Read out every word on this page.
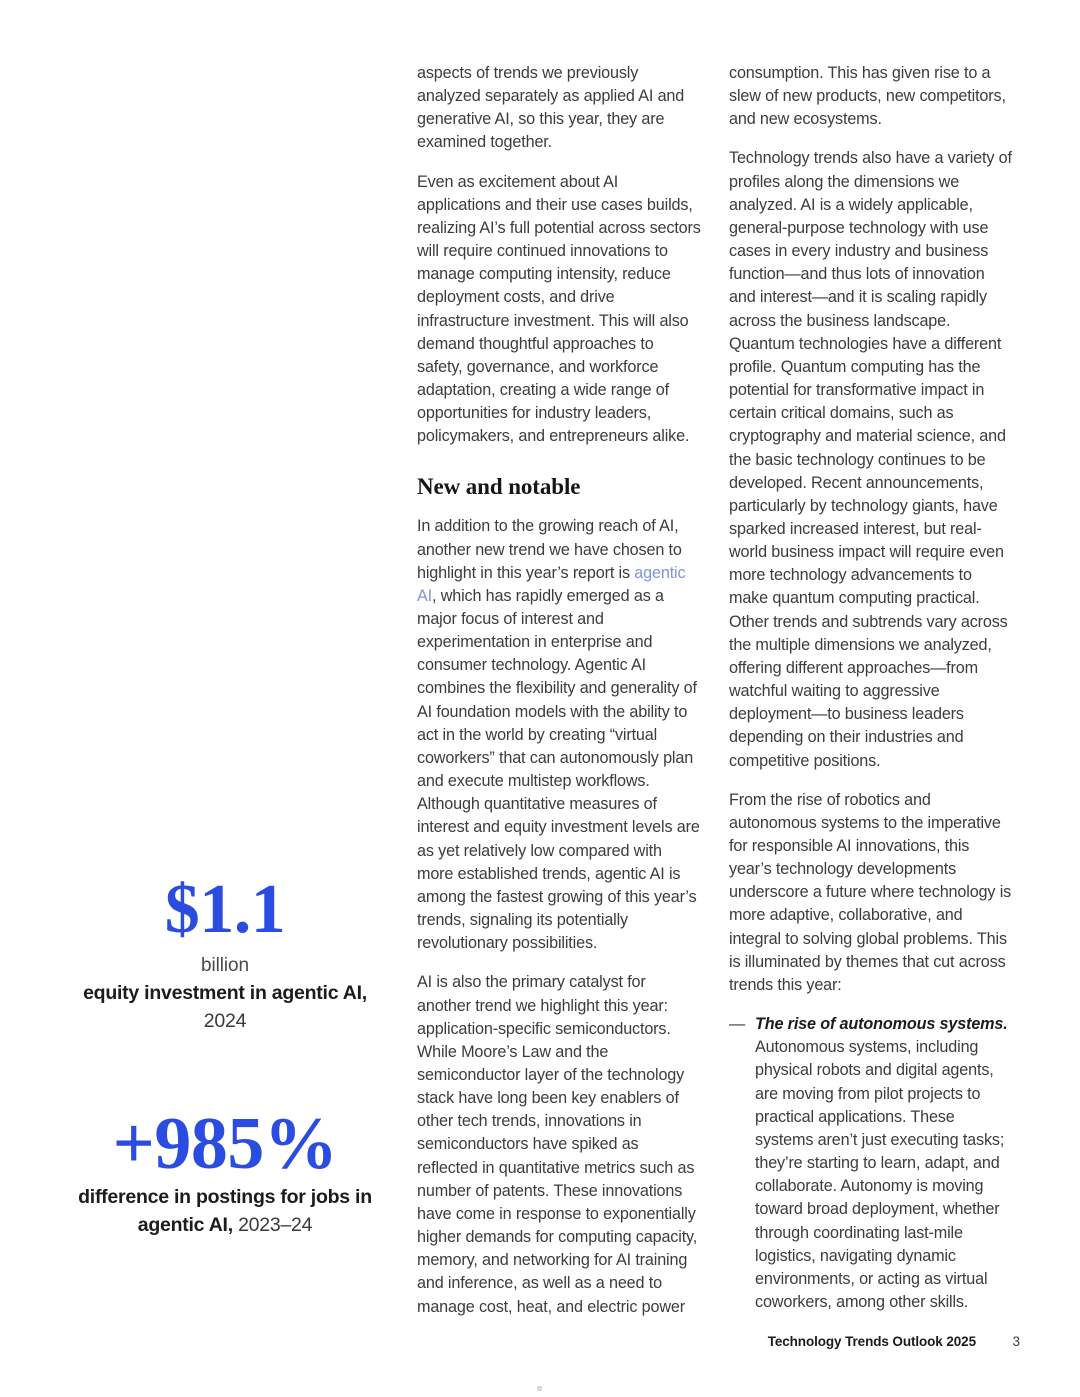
$1.1
billion
equity investment in agentic AI, 2024
+985%
difference in postings for jobs in agentic AI, 2023–24

aspects of trends we previously analyzed separately as applied AI and generative AI, so this year, they are examined together.

Even as excitement about AI applications and their use cases builds, realizing AI’s full potential across sectors will require continued innovations to manage computing intensity, reduce deployment costs, and drive infrastructure investment. This will also demand thoughtful approaches to safety, governance, and workforce adaptation, creating a wide range of opportunities for industry leaders, policymakers, and entrepreneurs alike.

New and notable

In addition to the growing reach of AI, another new trend we have chosen to highlight in this year’s report is agentic AI, which has rapidly emerged as a major focus of interest and experimentation in enterprise and consumer technology. Agentic AI combines the flexibility and generality of AI foundation models with the ability to act in the world by creating “virtual coworkers” that can autonomously plan and execute multistep workflows. Although quantitative measures of interest and equity investment levels are as yet relatively low compared with more established trends, agentic AI is among the fastest growing of this year’s trends, signaling its potentially revolutionary possibilities.

AI is also the primary catalyst for another trend we highlight this year: application-specific semiconductors. While Moore’s Law and the semiconductor layer of the technology stack have long been key enablers of other tech trends, innovations in semiconductors have spiked as reflected in quantitative metrics such as number of patents. These innovations have come in response to exponentially higher demands for computing capacity, memory, and networking for AI training and inference, as well as a need to manage cost, heat, and electric power

consumption. This has given rise to a slew of new products, new competitors, and new ecosystems.

Technology trends also have a variety of profiles along the dimensions we analyzed. AI is a widely applicable, general-purpose technology with use cases in every industry and business function—and thus lots of innovation and interest—and it is scaling rapidly across the business landscape. Quantum technologies have a different profile. Quantum computing has the potential for transformative impact in certain critical domains, such as cryptography and material science, and the basic technology continues to be developed. Recent announcements, particularly by technology giants, have sparked increased interest, but real-world business impact will require even more technology advancements to make quantum computing practical. Other trends and subtrends vary across the multiple dimensions we analyzed, offering different approaches—from watchful waiting to aggressive deployment—to business leaders depending on their industries and competitive positions.

From the rise of robotics and autonomous systems to the imperative for responsible AI innovations, this year’s technology developments underscore a future where technology is more adaptive, collaborative, and integral to solving global problems. This is illuminated by themes that cut across trends this year:

— The rise of autonomous systems. Autonomous systems, including physical robots and digital agents, are moving from pilot projects to practical applications. These systems aren’t just executing tasks; they’re starting to learn, adapt, and collaborate. Autonomy is moving toward broad deployment, whether through coordinating last-mile logistics, navigating dynamic environments, or acting as virtual coworkers, among other skills.
Technology Trends Outlook 2025	3
